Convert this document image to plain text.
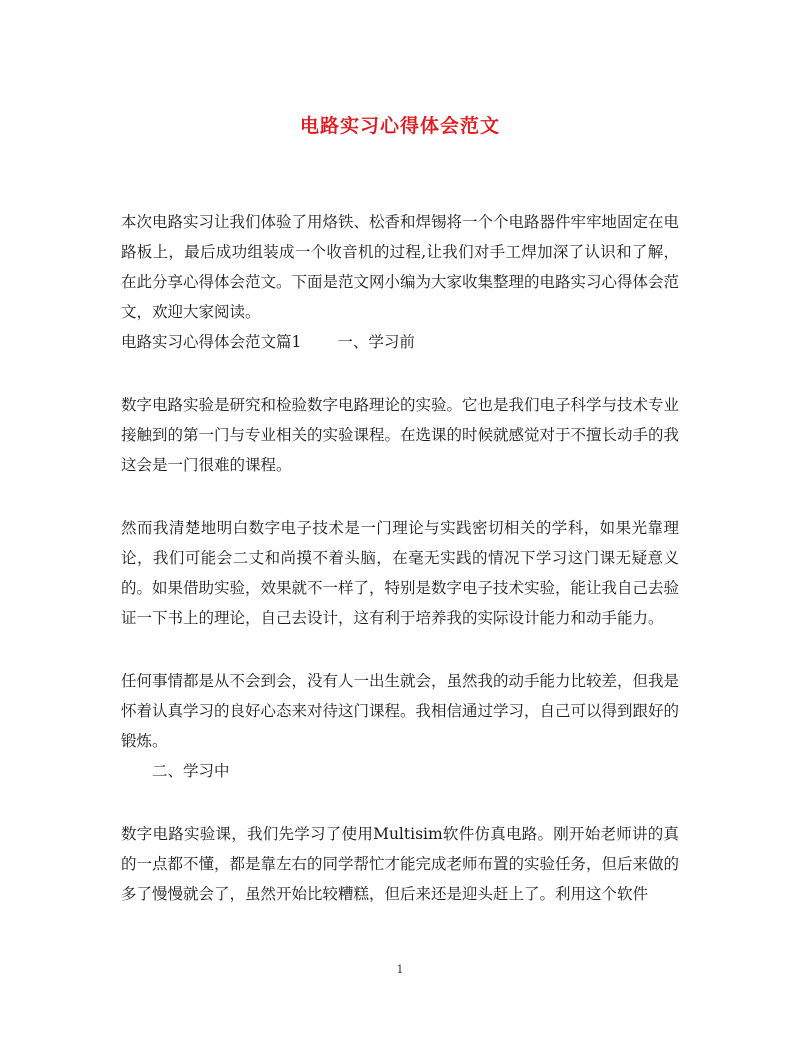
电路实习心得体会范文

本次电路实习让我们体验了用烙铁、松香和焊锡将一个个电路器件牢牢地固定在电路板上，最后成功组装成一个收音机的过程,让我们对手工焊加深了认识和了解，在此分享心得体会范文。下面是范文网小编为大家收集整理的电路实习心得体会范文，欢迎大家阅读。

电路实习心得体会范文篇1 一、学习前

数字电路实验是研究和检验数字电路理论的实验。它也是我们电子科学与技术专业接触到的第一门与专业相关的实验课程。在选课的时候就感觉对于不擅长动手的我这会是一门很难的课程。

然而我清楚地明白数字电子技术是一门理论与实践密切相关的学科，如果光靠理论，我们可能会二丈和尚摸不着头脑，在毫无实践的情况下学习这门课无疑意义的。如果借助实验，效果就不一样了，特别是数字电子技术实验，能让我自己去验证一下书上的理论，自己去设计，这有利于培养我的实际设计能力和动手能力。

任何事情都是从不会到会，没有人一出生就会，虽然我的动手能力比较差，但我是怀着认真学习的良好心态来对待这门课程。我相信通过学习，自己可以得到跟好的锻炼。

二、学习中

数字电路实验课，我们先学习了使用Multisim软件仿真电路。刚开始老师讲的真的一点都不懂，都是靠左右的同学帮忙才能完成老师布置的实验任务，但后来做的多了慢慢就会了，虽然开始比较糟糕，但后来还是迎头赶上了。利用这个软件

1
